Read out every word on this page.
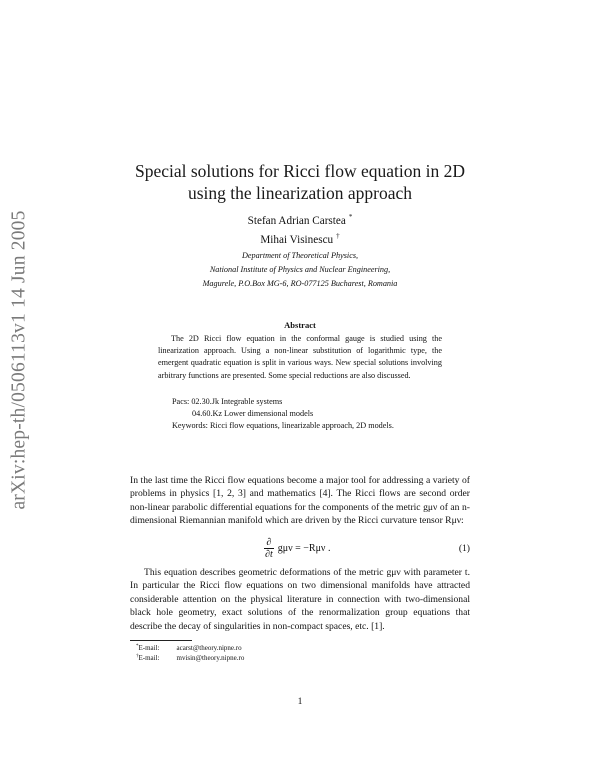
arXiv:hep-th/0506113v1 14 Jun 2005
Special solutions for Ricci flow equation in 2D
using the linearization approach
Stefan Adrian Carstea *
Mihai Visinescu †
Department of Theoretical Physics,
National Institute of Physics and Nuclear Engineering,
Magurele, P.O.Box MG-6, RO-077125 Bucharest, Romania
Abstract
The 2D Ricci flow equation in the conformal gauge is studied using the linearization approach. Using a non-linear substitution of logarithmic type, the emergent quadratic equation is split in various ways. New special solutions involving arbitrary functions are presented. Some special reductions are also discussed.
Pacs: 02.30.Jk Integrable systems
04.60.Kz Lower dimensional models
Keywords: Ricci flow equations, linearizable approach, 2D models.
In the last time the Ricci flow equations become a major tool for addressing a variety of problems in physics [1, 2, 3] and mathematics [4]. The Ricci flows are second order non-linear parabolic differential equations for the components of the metric gμν of an n-dimensional Riemannian manifold which are driven by the Ricci curvature tensor Rμν:
$\frac{\partial}{\partial t}$ gμν = −Rμν .	(1)
This equation describes geometric deformations of the metric gμν with parameter t. In particular the Ricci flow equations on two dimensional manifolds have attracted considerable attention on the physical literature in connection with two-dimensional black hole geometry, exact solutions of the renormalization group equations that describe the decay of singularities in non-compact spaces, etc. [1].
*E-mail: acarst@theory.nipne.ro
†E-mail: mvisin@theory.nipne.ro
1
